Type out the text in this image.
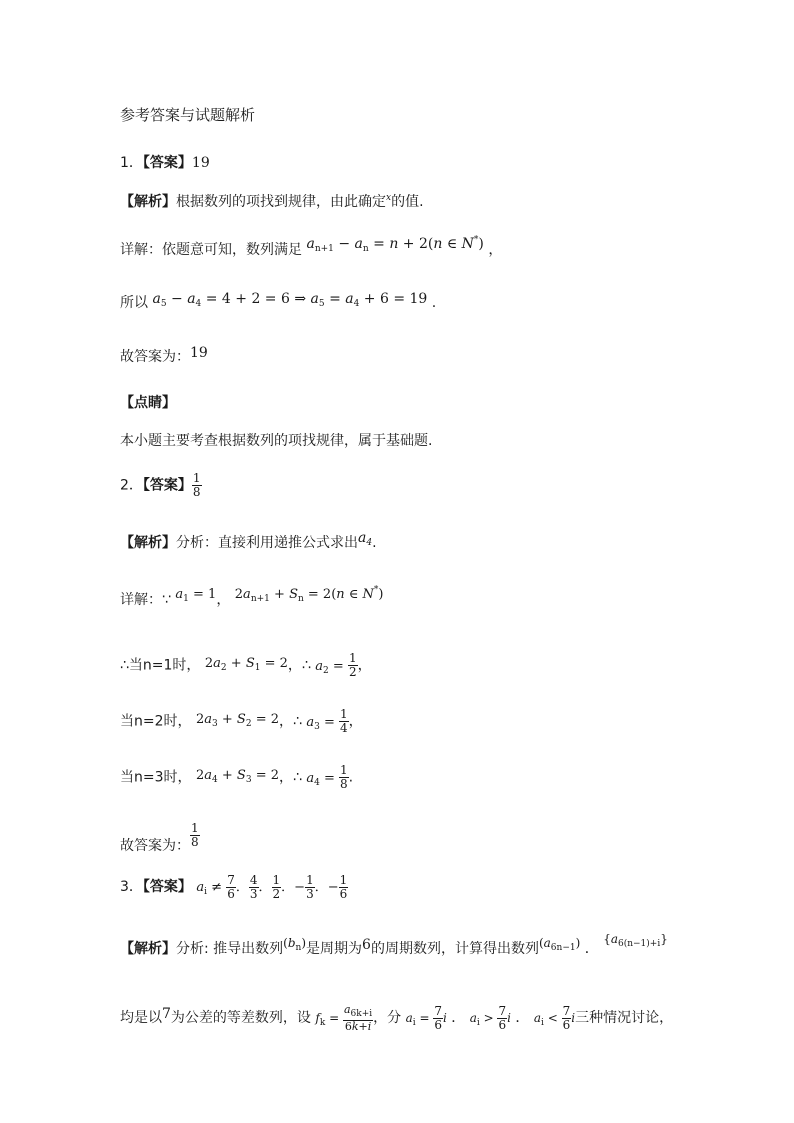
参考答案与试题解析
1．【答案】19
【解析】根据数列的项找到规律，由此确定$^x$的值.
详解：依题意可知，数列满足 $a_{n+1} - a_n = n + 2(n$ ∈ N*) ，
所以 $a_5 - a_4 = 4 + 2 = 6$ ⇒ $a_5 = a_4 + 6 = 19$ .
故答案为：19
【点睛】
本小题主要考查根据数列的项找规律，属于基础题.
2．【答案】 $\frac{1}{8}$
【解析】分析：直接利用递推公式求出$a_4$.
详解：∵ $a_1 = 1$， $2a_{n+1} + S_n = 2(n$ ∈ N*)
∴当n=1时， $2a_2 + S_1 = 2$，∴ $a_2 = \frac{1}{2}$ ，
当n=2时， $2a_3 + S_2 = 2$，∴ $a_3 = \frac{1}{4}$ ，
当n=3时， $2a_4 + S_3 = 2$，∴ $a_4 = \frac{1}{8}$ .
故答案为： $\frac{1}{8}$
3．【答案】 $a_i \ne \frac{7}{6}$ ． $\frac{4}{3}$ ． $\frac{1}{2}$ ．− $\frac{1}{3}$ ．− $\frac{1}{6}$
【解析】分析: 推导出数列$(b_n)$是周期为6的周期数列，计算得出数列$(a_{6n-1})$ ． $\{a_{6(n-1)+i}\}$
均是以7为公差的等差数列，设 $f_k = \frac{a_{6k+i}}{6k+i}$ ，分 $a_i = \frac{7}{6}$ i ． $a_i > \frac{7}{6}$ i ． $a_i < \frac{7}{6}$ i三种情况讨论，
